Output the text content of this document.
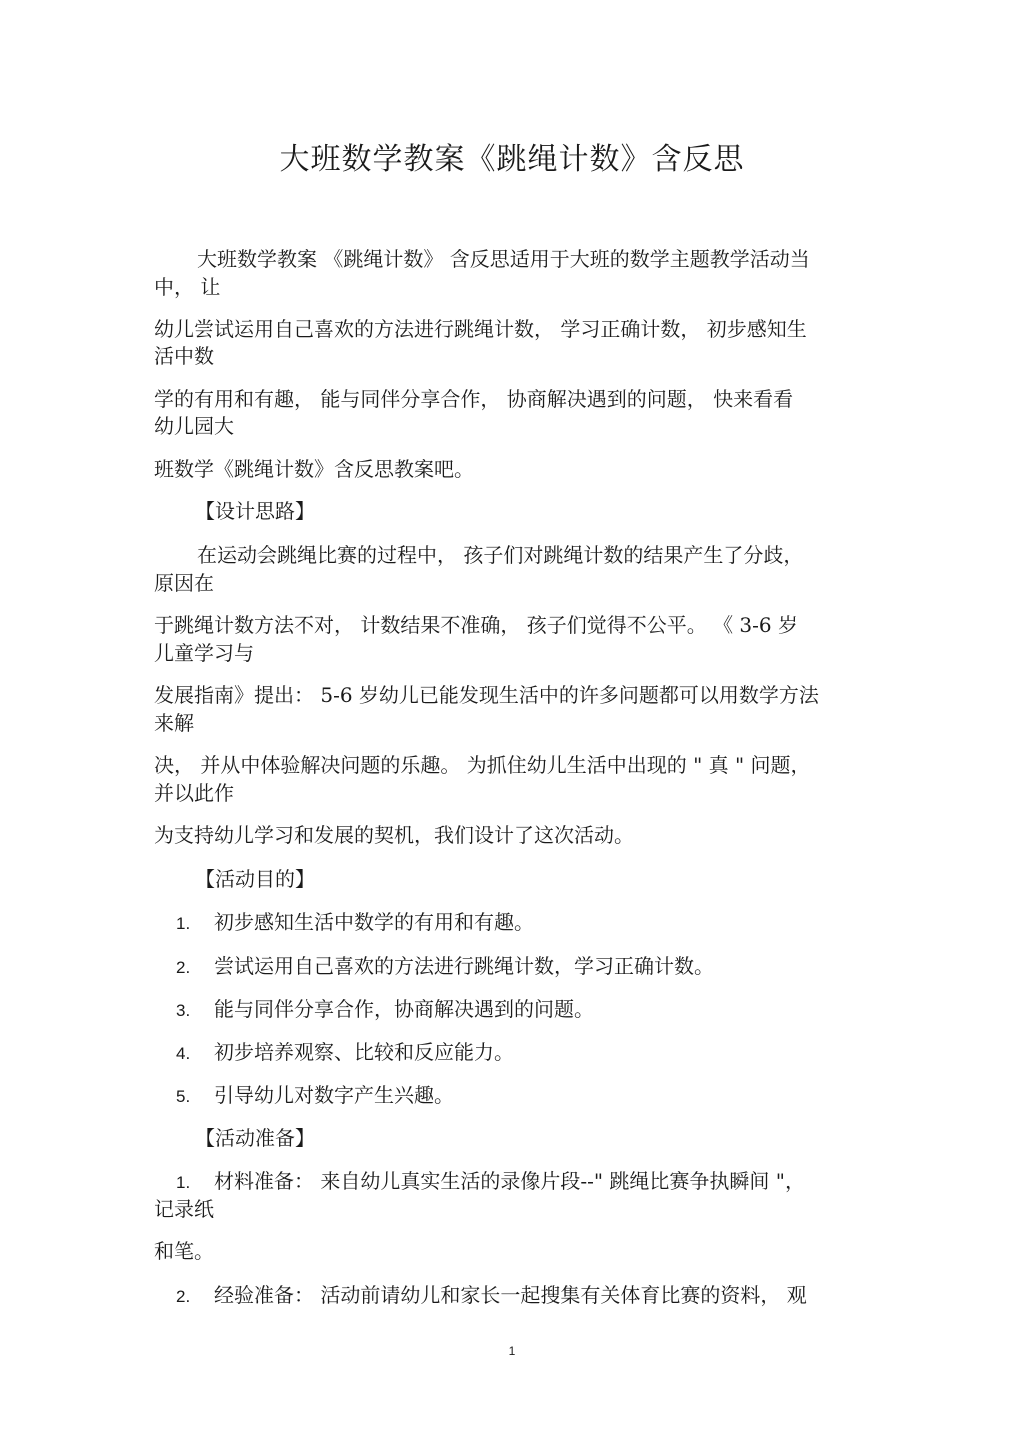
大班数学教案《跳绳计数》含反思
大班数学教案 《跳绳计数》 含反思适用于大班的数学主题教学活动当
中， 让
幼儿尝试运用自己喜欢的方法进行跳绳计数， 学习正确计数， 初步感知生
活中数
学的有用和有趣， 能与同伴分享合作， 协商解决遇到的问题， 快来看看
幼儿园大
班数学《跳绳计数》含反思教案吧。
【设计思路】
在运动会跳绳比赛的过程中， 孩子们对跳绳计数的结果产生了分歧，
原因在
于跳绳计数方法不对， 计数结果不准确， 孩子们觉得不公平。 《 3-6 岁
儿童学习与
发展指南》提出： 5-6 岁幼儿已能发现生活中的许多问题都可以用数学方法
来解
决， 并从中体验解决问题的乐趣。 为抓住幼儿生活中出现的 " 真 " 问题，
并以此作
为支持幼儿学习和发展的契机，我们设计了这次活动。
【活动目的】
1. 初步感知生活中数学的有用和有趣。
2. 尝试运用自己喜欢的方法进行跳绳计数，学习正确计数。
3. 能与同伴分享合作，协商解决遇到的问题。
4. 初步培养观察、比较和反应能力。
5. 引导幼儿对数字产生兴趣。
【活动准备】
1. 材料准备： 来自幼儿真实生活的录像片段--" 跳绳比赛争执瞬间 "，
记录纸
和笔。
2. 经验准备： 活动前请幼儿和家长一起搜集有关体育比赛的资料， 观
1
